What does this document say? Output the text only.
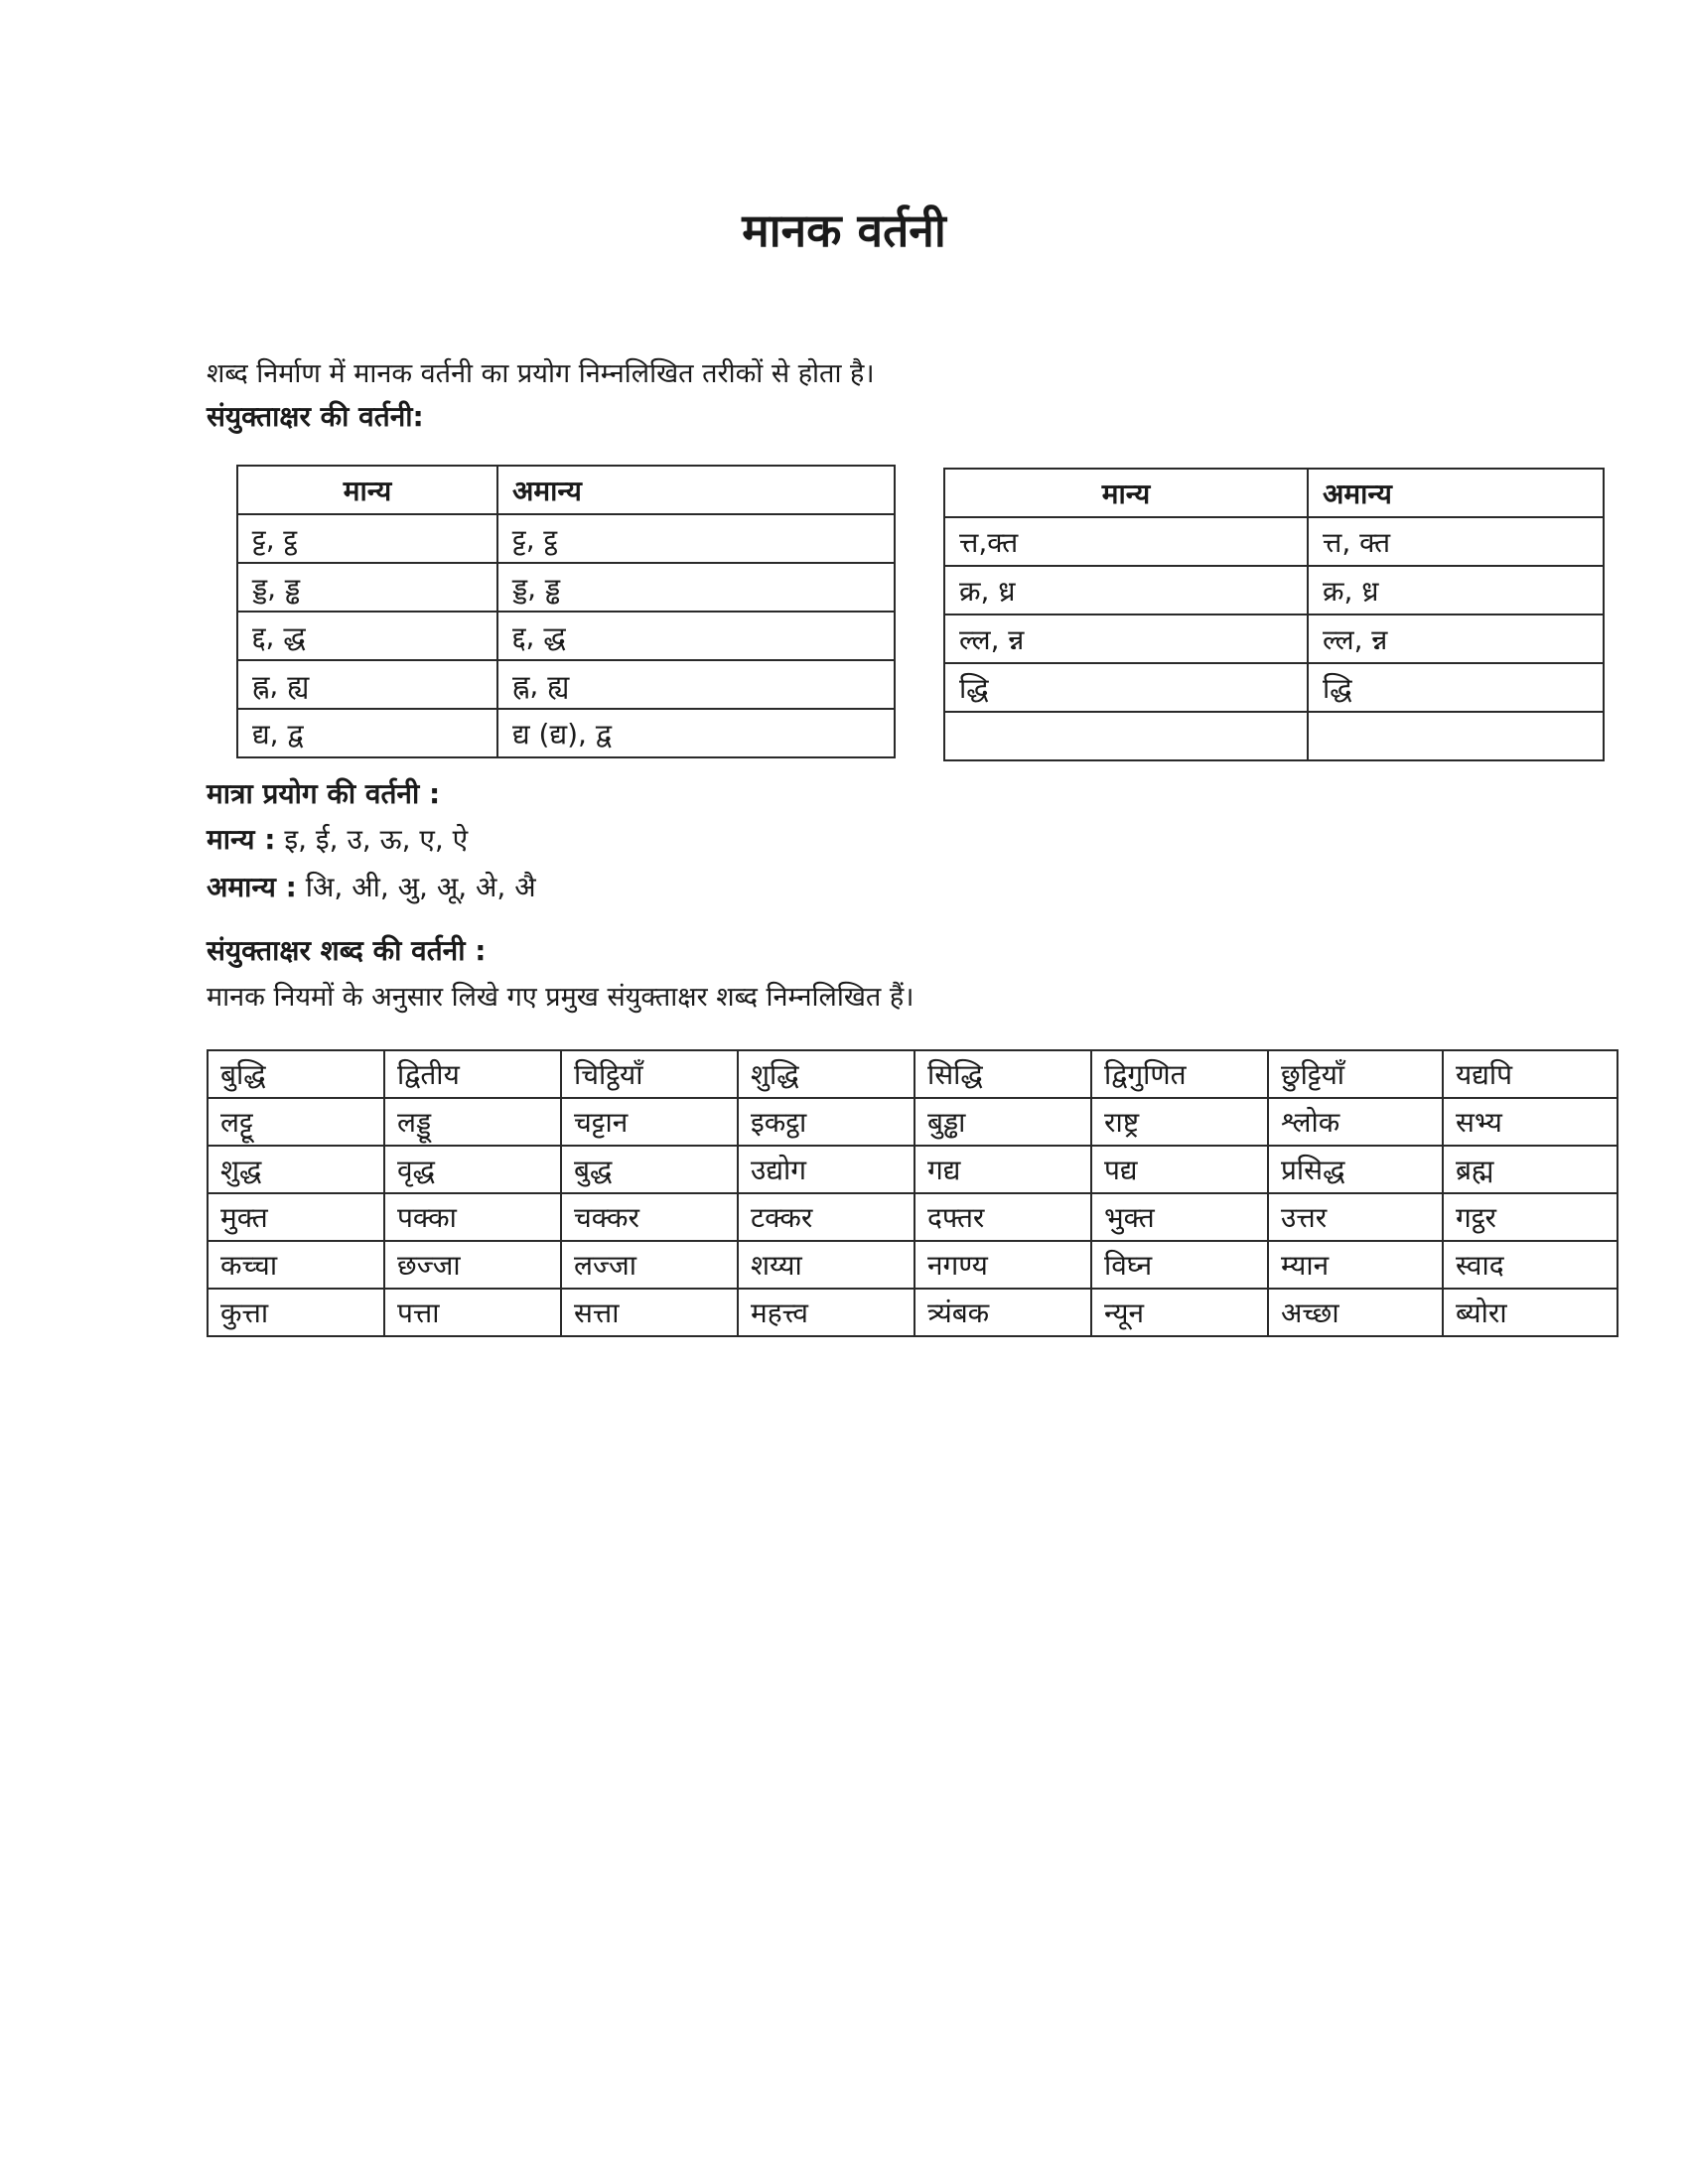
मानक वर्तनी
शब्द निर्माण में मानक वर्तनी का प्रयोग निम्नलिखित तरीकों से होता है।
संयुक्ताक्षर की वर्तनी:
मान्य	अमान्य
ट्ट, ट्ठ	ट्ट, ट्ठ
ड्ड, ड्ढ	ड्ड, ड्ढ
द्द, द्ध	द्द, द्ध
ह्न, ह्य	ह्न, ह्य
द्य, द्व	द्य (द्य), द्व
मान्य	अमान्य
त्त,क्त	त्त, क्त
क्र, ध्र	क्र, ध्र
ल्ल, न्न	ल्ल, न्न
द्धि	द्धि

मात्रा प्रयोग की वर्तनी :
मान्य : इ, ई, उ, ऊ, ए, ऐ
अमान्य : अि, अी, अु, अू, अे, अै
संयुक्ताक्षर शब्द की वर्तनी :
मानक नियमों के अनुसार लिखे गए प्रमुख संयुक्ताक्षर शब्द निम्नलिखित हैं।
बुद्धि	द्वितीय	चिट्ठियाँ	शुद्धि	सिद्धि	द्विगुणित	छुट्टियाँ	यद्यपि
लट्टू	लड्डू	चट्टान	इकट्ठा	बुड्ढा	राष्ट्र	श्लोक	सभ्य
शुद्ध	वृद्ध	बुद्ध	उद्योग	गद्य	पद्य	प्रसिद्ध	ब्रह्म
मुक्त	पक्का	चक्कर	टक्कर	दफ्तर	भुक्त	उत्तर	गट्ठर
कच्चा	छज्जा	लज्जा	शय्या	नगण्य	विघ्न	म्यान	स्वाद
कुत्ता	पत्ता	सत्ता	महत्त्व	त्र्यंबक	न्यून	अच्छा	ब्योरा
